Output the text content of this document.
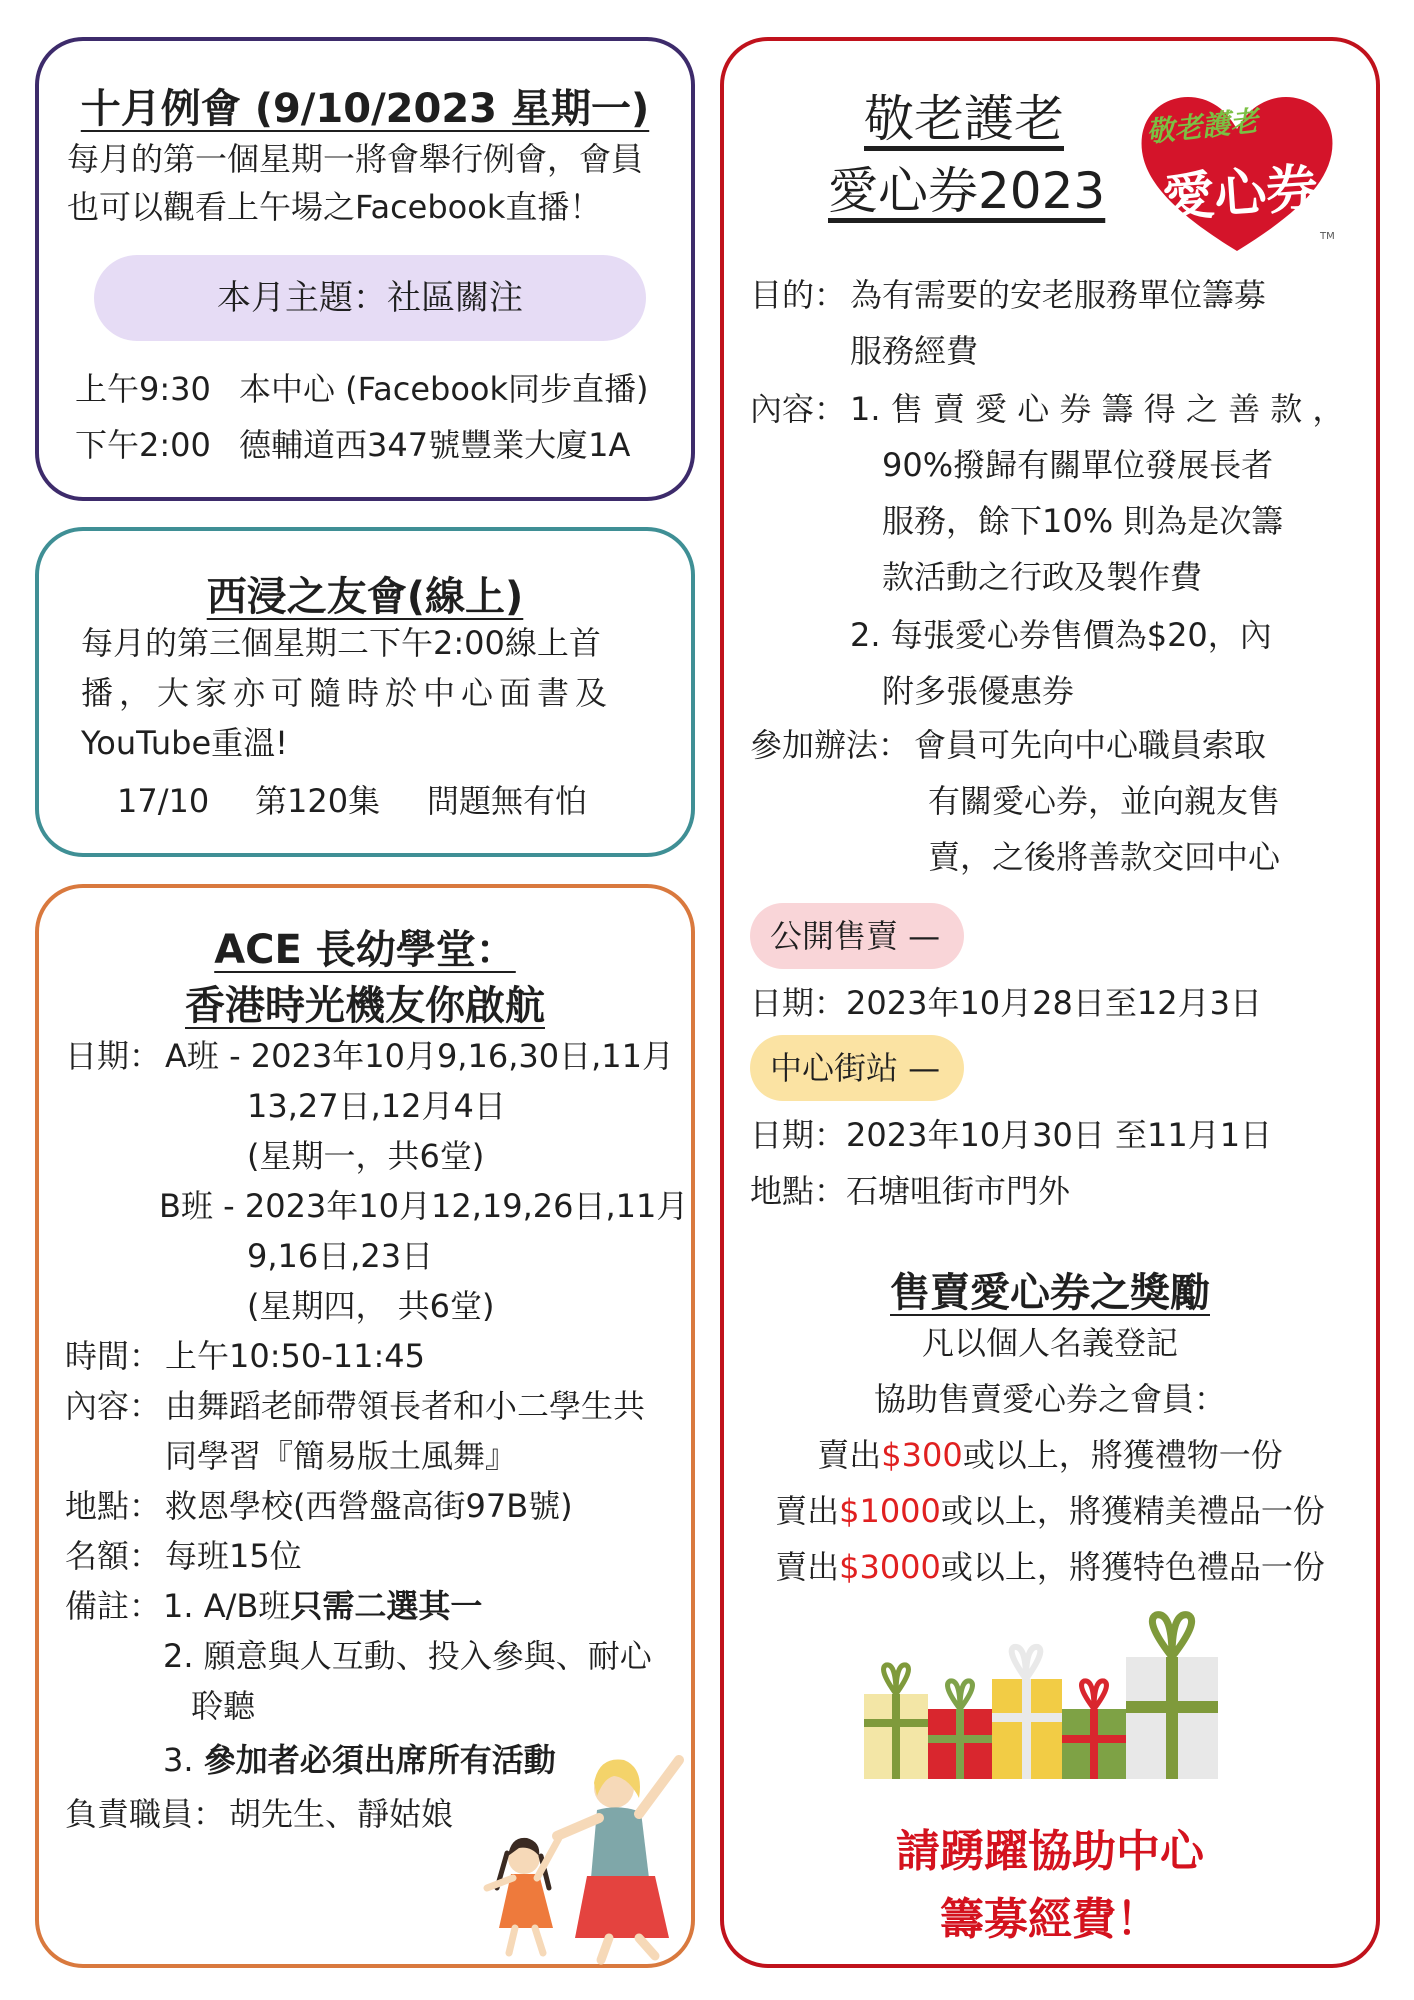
十月例會 (9/10/2023 星期一)

每月的第一個星期一將會舉行例會，會員

也可以觀看上午場之Facebook直播！

本月主題：社區關注

上午9:30 本中心 (Facebook同步直播)

下午2:00 德輔道西347號豐業大廈1A

西浸之友會(線上)

每月的第三個星期二下午2:00線上首

播，大家亦可隨時於中心面書及

YouTube重溫!

17/10 第120集 問題無有怕

ACE 長幼學堂：
香港時光機友你啟航

日期： A班 - 2023年10月9,16,30日,11月

13,27日,12月4日

(星期一，共6堂)

B班 - 2023年10月12,19,26日,11月

9,16日,23日

(星期四， 共6堂)

時間： 上午10:50-11:45

內容： 由舞蹈老師帶領長者和小二學生共

同學習『簡易版土風舞』

地點： 救恩學校(西營盤高街97B號)

名額： 每班15位

備註： 1. A/B班只需二選其一

2. 願意與人互動、投入參與、耐心

聆聽

3. 參加者必須出席所有活動

負責職員： 胡先生、靜姑娘

敬老護老

愛心券2023

敬老護老
愛心券
TM

目的： 為有需要的安老服務單位籌募

服務經費

內容： 1. 售 賣 愛 心 券 籌 得 之 善 款 ，

90%撥歸有關單位發展長者

服務，餘下10% 則為是次籌

款活動之行政及製作費

2. 每張愛心券售價為$20，內

附多張優惠券

參加辦法： 會員可先向中心職員索取

有關愛心券，並向親友售

賣，之後將善款交回中心

公開售賣 —

日期：2023年10月28日至12月3日

中心街站 —

日期：2023年10月30日 至11月1日

地點：石塘咀街市門外

售賣愛心券之獎勵

凡以個人名義登記

協助售賣愛心券之會員：

賣出$300或以上，將獲禮物一份

賣出$1000或以上，將獲精美禮品一份

賣出$3000或以上，將獲特色禮品一份

請踴躍協助中心

籌募經費！
